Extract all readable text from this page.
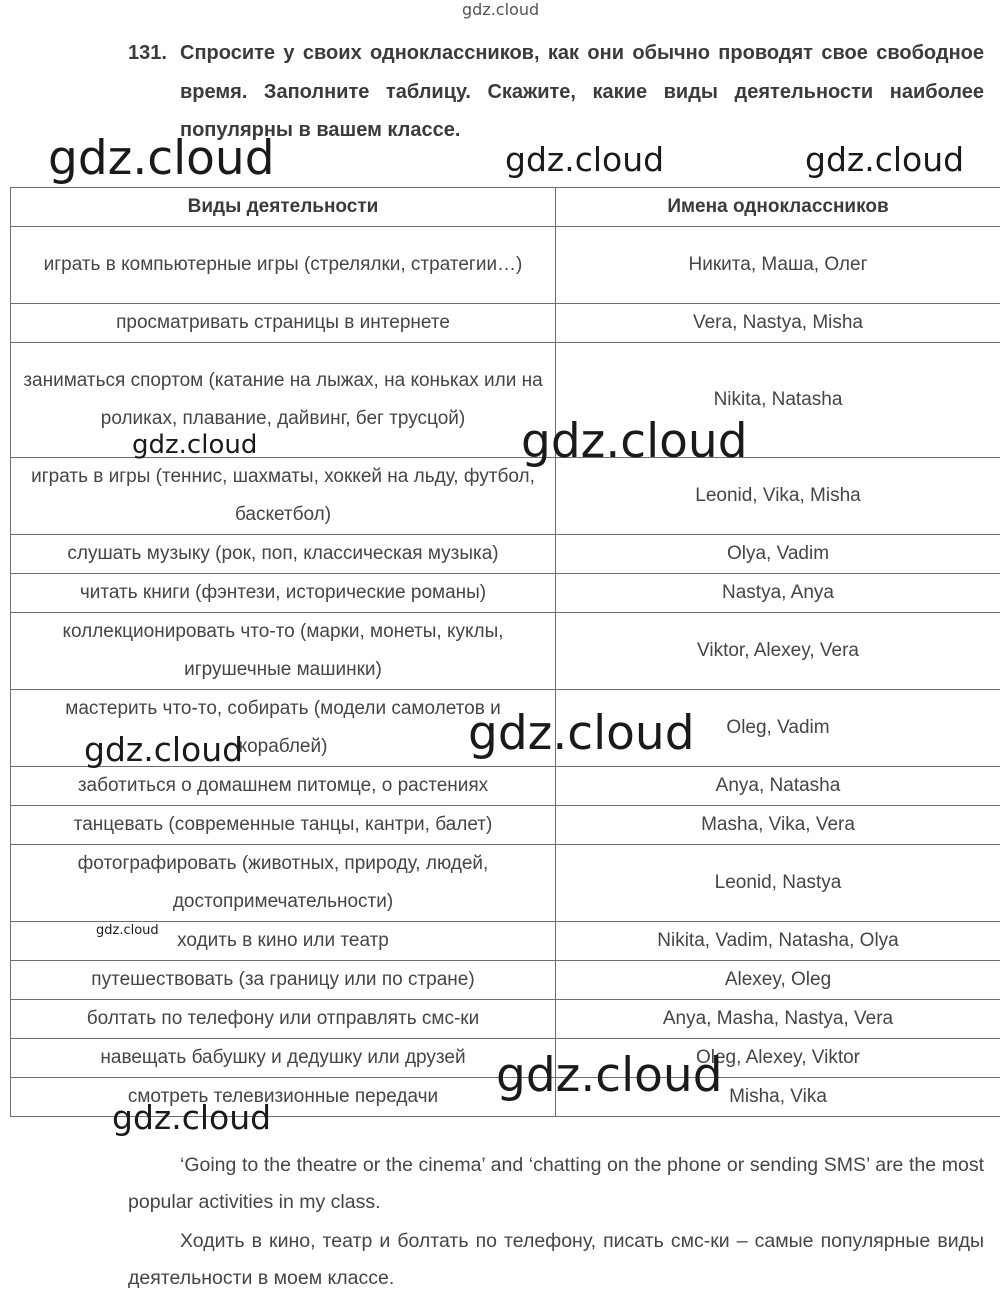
gdz.cloud
131. Спросите у своих одноклассников, как они обычно проводят свое свободное время. Заполните таблицу. Скажите, какие виды деятельности наиболее популярны в вашем классе.
Виды деятельности	Имена одноклассников
играть в компьютерные игры (стрелялки, стратегии…)	Никита, Маша, Олег
просматривать страницы в интернете	Vera, Nastya, Misha
заниматься спортом (катание на лыжах, на коньках или на роликах, плавание, дайвинг, бег трусцой)	Nikita, Natasha
играть в игры (теннис, шахматы, хоккей на льду, футбол, баскетбол)	Leonid, Vika, Misha
слушать музыку (рок, поп, классическая музыка)	Olya, Vadim
читать книги (фэнтези, исторические романы)	Nastya, Anya
коллекционировать что-то (марки, монеты, куклы, игрушечные машинки)	Viktor, Alexey, Vera
мастерить что-то, собирать (модели самолетов и кораблей)	Oleg, Vadim
заботиться о домашнем питомце, о растениях	Anya, Natasha
танцевать (современные танцы, кантри, балет)	Masha, Vika, Vera
фотографировать (животных, природу, людей, достопримечательности)	Leonid, Nastya
ходить в кино или театр	Nikita, Vadim, Natasha, Olya
путешествовать (за границу или по стране)	Alexey, Oleg
болтать по телефону или отправлять смс-ки	Anya, Masha, Nastya, Vera
навещать бабушку и дедушку или друзей	Oleg, Alexey, Viktor
смотреть телевизионные передачи	Misha, Vika

‘Going to the theatre or the cinema’ and ‘chatting on the phone or sending SMS’ are the most popular activities in my class.

Ходить в кино, театр и болтать по телефону, писать смс-ки – самые популярные виды деятельности в моем классе.

gdz.cloud	gdz.cloud	gdz.cloud
gdz.cloud	gdz.cloud
gdz.cloud	gdz.cloud
gdz.cloud
gdz.cloud
gdz.cloud
